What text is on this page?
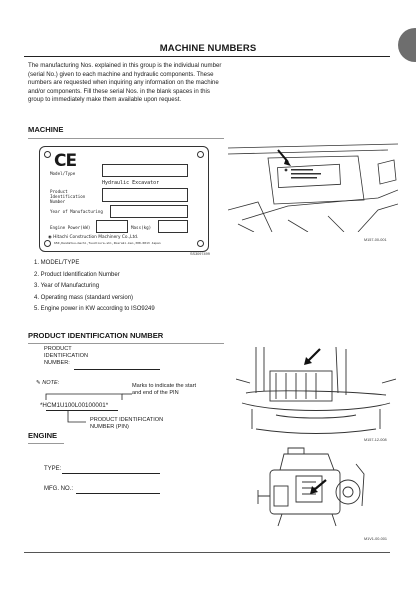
MACHINE NUMBERS
The manufacturing Nos. explained in this group is the individual number (serial No.) given to each machine and hydraulic components. These numbers are requested when inquiring any information on the machine and/or components. Fill these serial Nos. in the blank spaces in this group to immediately make them available upon request.
MACHINE
CE
Model/Type
Hydraulic Excavator
Product Identification Number
Year of Manufacturing
Engine Power(kW)	Mass(kg)
◉ Hitachi Construction Machinery Co.,Ltd.
650,Kandatsu-machi,Tsuchiura-shi,Ibaraki-ken,300-0013 Japan
SS3097499
1. MODEL/TYPE
2. Product Identification Number
3. Year of Manufacturing
4. Operating mass (standard version)
5. Engine power in KW according to ISO9249
M157-00-001
PRODUCT IDENTIFICATION NUMBER
PRODUCT
IDENTIFICATION
NUMBER:
✎ NOTE:	Marks to indicate the start and end of the PIN
*HCM1U100L00100001*
PRODUCT IDENTIFICATION NUMBER (PIN)
M157-12-008
ENGINE
TYPE:
MFG. NO.:
M1V1-00-001
